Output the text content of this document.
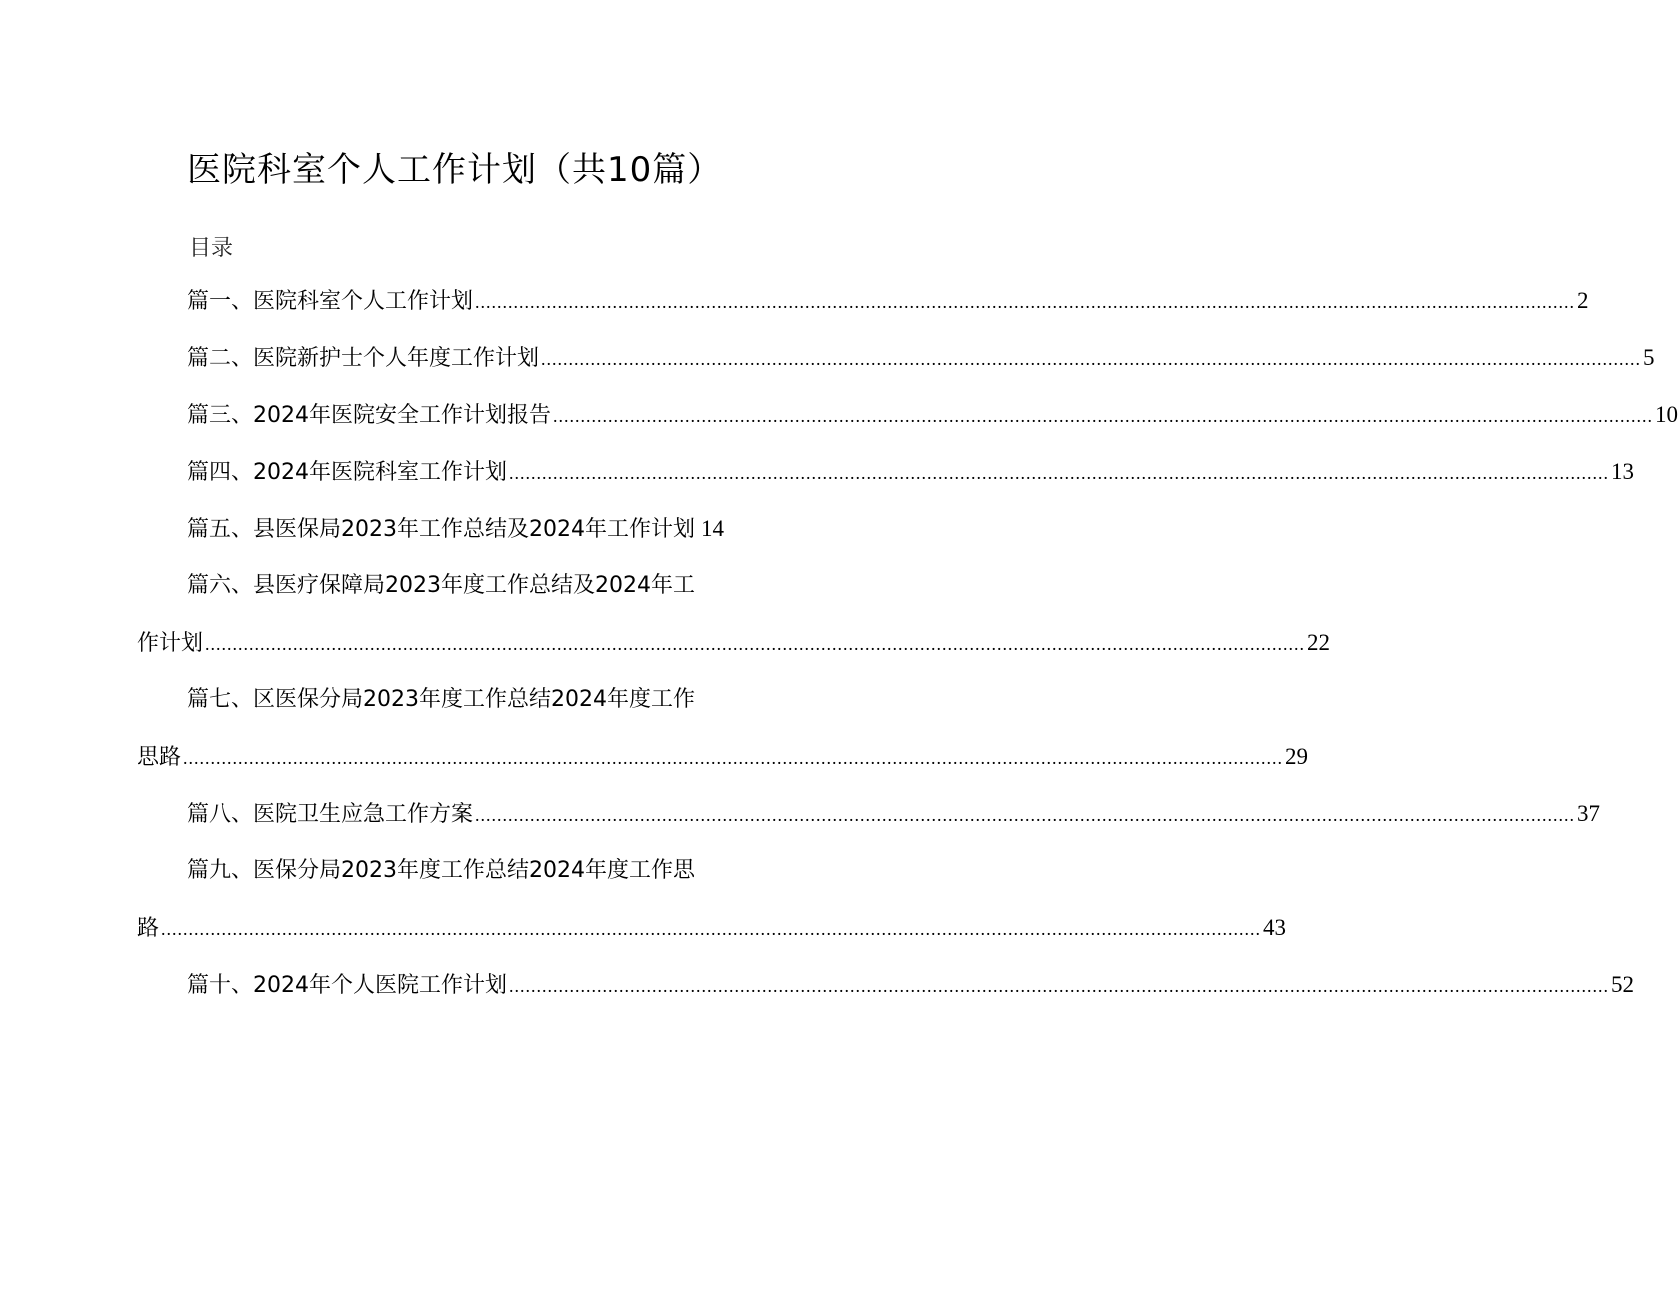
医院科室个人工作计划（共10篇）
目录
篇一、医院科室个人工作计划 ........................................................................................................................................................................................................ 2
篇二、医院新护士个人年度工作计划 ........................................................................................................................................................................................................ 5
篇三、2024年医院安全工作计划报告 ........................................................................................................................................................................................................ 10
篇四、2024年医院科室工作计划 ........................................................................................................................................................................................................ 13
篇五、县医保局2023年工作总结及2024年工作计划 14
篇六、县医疗保障局2023年度工作总结及2024年工
作计划 ........................................................................................................................................................................................................ 22
篇七、区医保分局2023年度工作总结2024年度工作
思路 ........................................................................................................................................................................................................ 29
篇八、医院卫生应急工作方案 ........................................................................................................................................................................................................ 37
篇九、医保分局2023年度工作总结2024年度工作思
路 ........................................................................................................................................................................................................ 43
篇十、2024年个人医院工作计划 ........................................................................................................................................................................................................ 52
